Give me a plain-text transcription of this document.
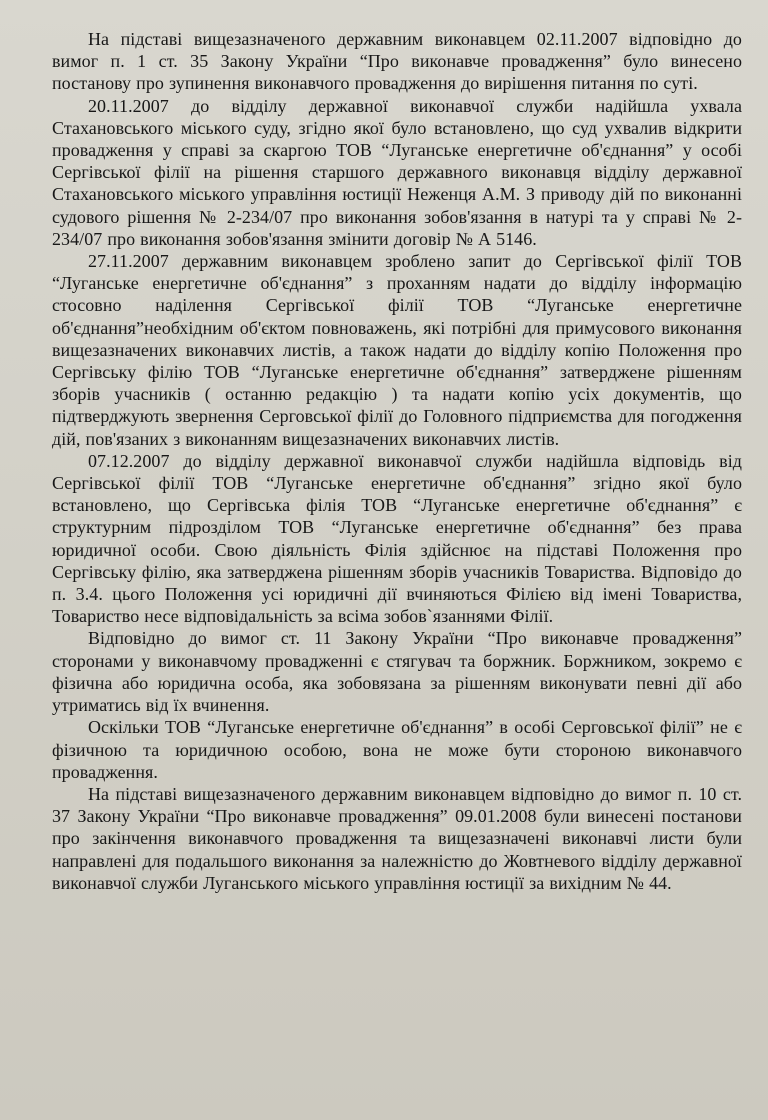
На підставі вищезазначеного державним виконавцем 02.11.2007 відповідно до вимог п. 1 ст. 35 Закону України “Про виконавче провадження” було винесено постанову про зупинення виконавчого провадження до вирішення питання по суті.

20.11.2007 до відділу державної виконавчої служби надійшла ухвала Стахановського міського суду, згідно якої було встановлено, що суд ухвалив відкрити провадження у справі за скаргою ТОВ “Луганське енергетичне об'єднання” у особі Сергівської філії на рішення старшого державного виконавця відділу державної Стахановського міського управління юстиції Неженця А.М. З приводу дій по виконанні судового рішення № 2-234/07 про виконання зобов'язання в натурі та у справі № 2-234/07 про виконання зобов'язання змінити договір № А 5146.

27.11.2007 державним виконавцем зроблено запит до Сергівської філії ТОВ “Луганське енергетичне об'єднання” з проханням надати до відділу інформацію стосовно наділення Сергівської філії ТОВ “Луганське енергетичне об'єднання”необхідним об'єктом повноважень, які потрібні для примусового виконання вищезазначених виконавчих листів, а також надати до відділу копію Положення про Сергівську філію ТОВ “Луганське енергетичне об'єднання” затверджене рішенням зборів учасників ( останню редакцію ) та надати копію усіх документів, що підтверджують звернення Серговської філії до Головного підприємства для погодження дій, пов'язаних з виконанням вищезазначених виконавчих листів.

07.12.2007 до відділу державної виконавчої служби надійшла відповідь від Сергівської філії ТОВ “Луганське енергетичне об'єднання” згідно якої було встановлено, що Сергівська філія ТОВ “Луганське енергетичне об'єднання” є структурним підрозділом ТОВ “Луганське енергетичне об'єднання” без права юридичної особи. Свою діяльність Філія здійснює на підставі Положення про Сергівську філію, яка затверджена рішенням зборів учасників Товариства. Відповідо до п. 3.4. цього Положення усі юридичні дії вчиняються Філією від імені Товариства, Товариство несе відповідальність за всіма зобов`язаннями Філії.

Відповідно до вимог ст. 11 Закону України “Про виконавче провадження” сторонами у виконавчому провадженні є стягувач та боржник. Боржником, зокремо є фізична або юридична особа, яка зобовязана за рішенням виконувати певні дії або утриматись від їх вчинення.

Оскільки ТОВ “Луганське енергетичне об'єднання” в особі Серговської філії” не є фізичною та юридичною особою, вона не може бути стороною виконавчого провадження.

На підставі вищезазначеного державним виконавцем відповідно до вимог п. 10 ст. 37 Закону України “Про виконавче провадження” 09.01.2008 були винесені постанови про закінчення виконавчого провадження та вищезазначені виконавчі листи були направлені для подальшого виконання за належністю до Жовтневого відділу державної виконавчої служби Луганського міського управління юстиції за вихідним № 44.
